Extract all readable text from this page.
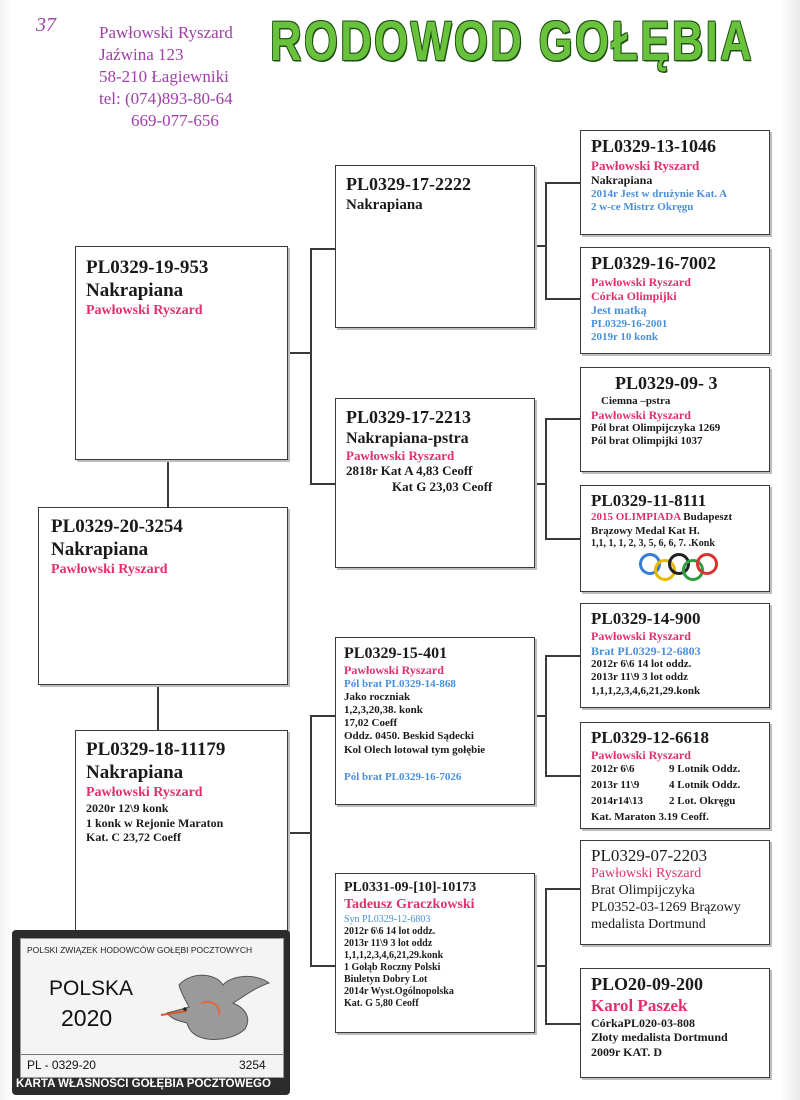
37	Pawłowski Ryszard
Jaźwina 123
58-210 Łagiewniki
tel: (074)893-80-64
669-077-656
RODOWOD GOŁĘBIA
PL0329-20-3254
Nakrapiana
Pawłowski Ryszard
PL0329-19-953
Nakrapiana
Pawłowski Ryszard
PL0329-18-11179
Nakrapiana
Pawłowski Ryszard
2020r 12\9 konk
1 konk w Rejonie Maraton
Kat. C 23,72 Coeff
PL0329-17-2222
Nakrapiana
PL0329-17-2213
Nakrapiana-pstra
Pawłowski Ryszard
2818r Kat A 4,83 Ceoff
Kat G 23,03 Ceoff
PL0329-15-401
Pawłowski Ryszard
Pól brat PL0329-14-868
Jako roczniak
1,2,3,20,38. konk
17,02 Coeff
Oddz. 0450. Beskid Sądecki
Kol Olech lotował tym gołębie
Pól brat PL0329-16-7026
PL0331-09-[10]-10173
Tadeusz Graczkowski
Syn PL0329-12-6803
2012r 6\6 14 lot oddz.
2013r 11\9 3 lot oddz
1,1,1,2,3,4,6,21,29.konk
1 Gołąb Roczny Polski
Biuletyn Dobry Lot
2014r Wyst.Ogólnopolska
Kat. G 5,80 Ceoff
PL0329-13-1046
Pawłowski Ryszard
Nakrapiana
2014r Jest w drużynie Kat. A
2 w-ce Mistrz Okręgu
PL0329-16-7002
Pawłowski Ryszard
Córka Olimpijki
Jest matką
PL0329-16-2001
2019r 10 konk
PL0329-09- 3
Ciemna –pstra
Pawłowski Ryszard
Pól brat Olimpijczyka 1269
Pól brat Olimpijki 1037
PL0329-11-8111
2015 OLIMPIADA Budapeszt
Brązowy Medal Kat H.
1,1, 1, 1, 2, 3, 5, 6, 6, 7. .Konk
PL0329-14-900
Pawłowski Ryszard
Brat PL0329-12-6803
2012r 6\6 14 lot oddz.
2013r 11\9 3 lot oddz
1,1,1,2,3,4,6,21,29.konk
PL0329-12-6618
Pawłowski Ryszard
2012r 6\6
2013r 11\9
2014r14\13
9 Lotnik Oddz.
4 Lotnik Oddz.
2 Lot. Okręgu
Kat. Maraton 3.19 Ceoff.
PL0329-07-2203
Pawłowski Ryszard
Brat Olimpijczyka
PL0352-03-1269 Brązowy
medalista Dortmund
PLO20-09-200
Karol Paszek
CórkaPL020-03-808
Złoty medalista Dortmund
2009r KAT. D
POLSKI ZWIĄZEK HODOWCÓW GOŁĘBI POCZTOWYCH
POLSKA
2020
PL - 0329-20	3254
KARTA WŁASNOŚCI GOŁĘBIA POCZTOWEGO
